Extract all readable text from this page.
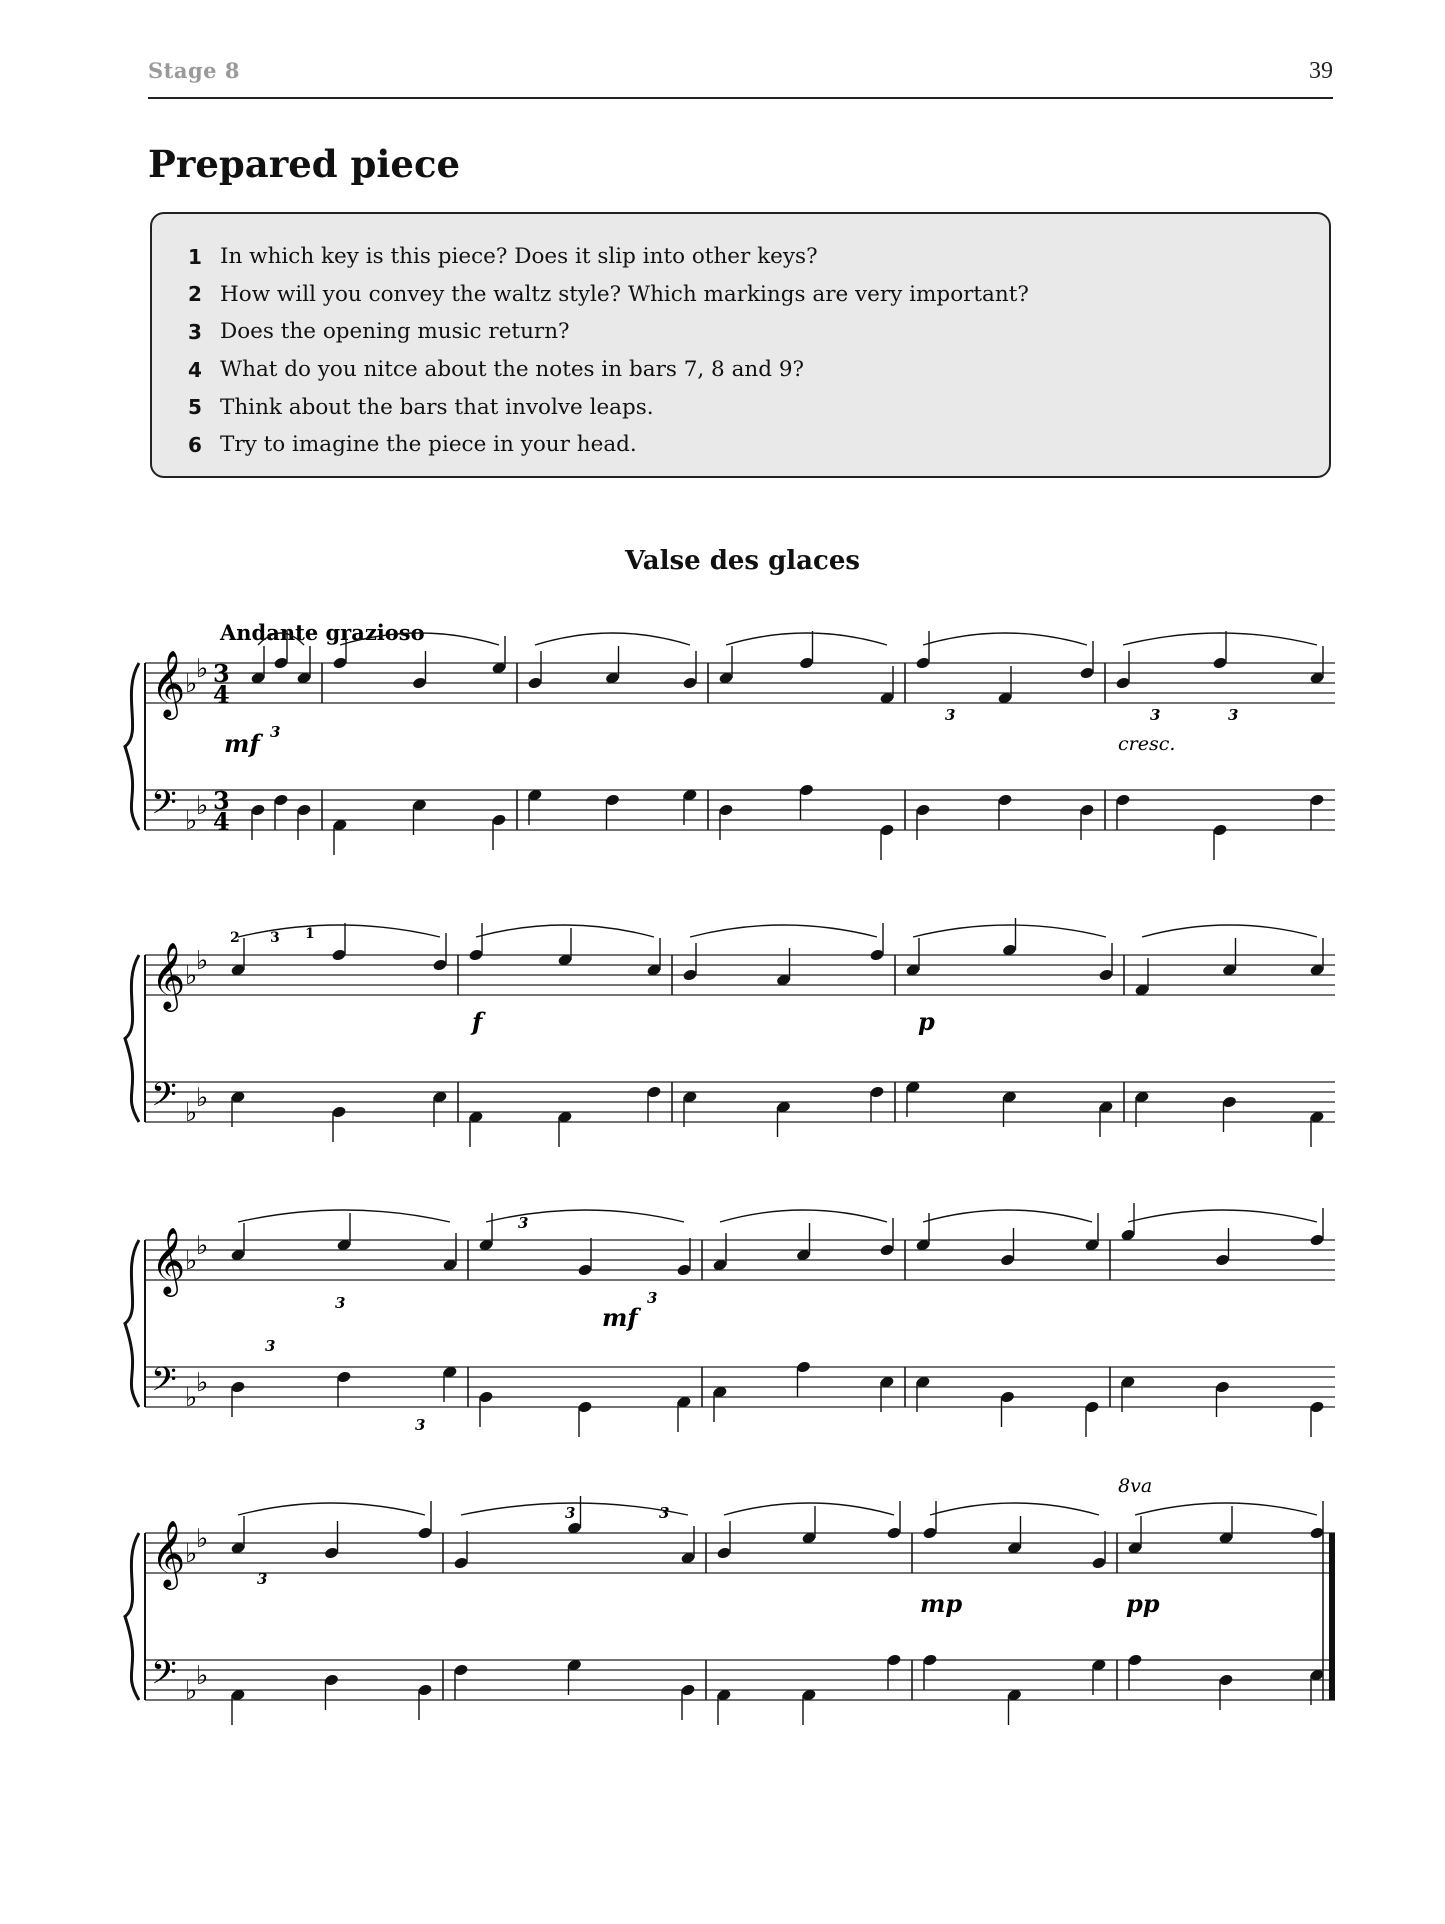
Stage 8	39
Prepared piece
1 In which key is this piece? Does it slip into other keys?
2 How will you convey the waltz style? Which markings are very important?
3 Does the opening music return?
4 What do you nitce about the notes in bars 7, 8 and 9?
5 Think about the bars that involve leaps.
6 Try to imagine the piece in your head.
Valse des glaces
Andante grazioso
𝄞
𝄢
♭
♭
♭
♭
3
4
3
4
𝄞
𝄢
♭
♭
♭
♭
𝄞
𝄢
♭
♭
♭
♭
𝄞
𝄢
♭
♭
♭
♭
mf	cresc.
f	p
mf
mp	pp
2 3 1
8va
3
3	3	3
3
3
3
3
3
3
3	3
